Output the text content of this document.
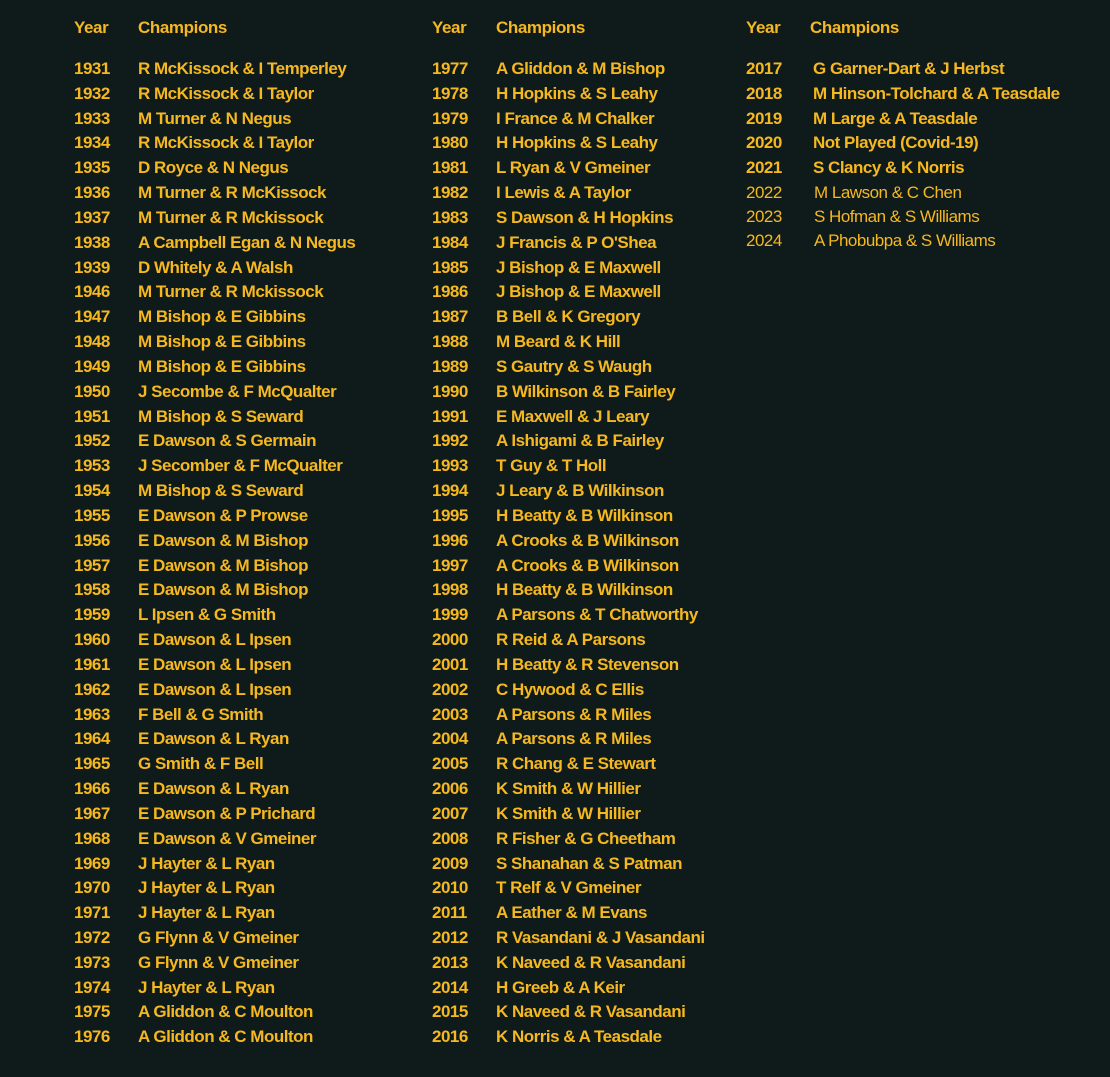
Year Champions
1931 R McKissock & I Temperley
1932 R McKissock & I Taylor
1933 M Turner & N Negus
1934 R McKissock & I Taylor
1935 D Royce & N Negus
1936 M Turner & R McKissock
1937 M Turner & R Mckissock
1938 A Campbell Egan & N Negus
1939 D Whitely & A Walsh
1946 M Turner & R Mckissock
1947 M Bishop & E Gibbins
1948 M Bishop & E Gibbins
1949 M Bishop & E Gibbins
1950 J Secombe & F McQualter
1951 M Bishop & S Seward
1952 E Dawson & S Germain
1953 J Secomber & F McQualter
1954 M Bishop & S Seward
1955 E Dawson & P Prowse
1956 E Dawson & M Bishop
1957 E Dawson & M Bishop
1958 E Dawson & M Bishop
1959 L Ipsen & G Smith
1960 E Dawson & L Ipsen
1961 E Dawson & L Ipsen
1962 E Dawson & L Ipsen
1963 F Bell & G Smith
1964 E Dawson & L Ryan
1965 G Smith & F Bell
1966 E Dawson & L Ryan
1967 E Dawson & P Prichard
1968 E Dawson & V Gmeiner
1969 J Hayter & L Ryan
1970 J Hayter & L Ryan
1971 J Hayter & L Ryan
1972 G Flynn & V Gmeiner
1973 G Flynn & V Gmeiner
1974 J Hayter & L Ryan
1975 A Gliddon & C Moulton
1976 A Gliddon & C Moulton
Year Champions
1977 A Gliddon & M Bishop
1978 H Hopkins & S Leahy
1979 I France & M Chalker
1980 H Hopkins & S Leahy
1981 L Ryan & V Gmeiner
1982 I Lewis & A Taylor
1983 S Dawson & H Hopkins
1984 J Francis & P O'Shea
1985 J Bishop & E Maxwell
1986 J Bishop & E Maxwell
1987 B Bell & K Gregory
1988 M Beard & K Hill
1989 S Gautry & S Waugh
1990 B Wilkinson & B Fairley
1991 E Maxwell & J Leary
1992 A Ishigami & B Fairley
1993 T Guy & T Holl
1994 J Leary & B Wilkinson
1995 H Beatty & B Wilkinson
1996 A Crooks & B Wilkinson
1997 A Crooks & B Wilkinson
1998 H Beatty & B Wilkinson
1999 A Parsons & T Chatworthy
2000 R Reid & A Parsons
2001 H Beatty & R Stevenson
2002 C Hywood & C Ellis
2003 A Parsons & R Miles
2004 A Parsons & R Miles
2005 R Chang & E Stewart
2006 K Smith & W Hillier
2007 K Smith & W Hillier
2008 R Fisher & G Cheetham
2009 S Shanahan & S Patman
2010 T Relf & V Gmeiner
2011 A Eather & M Evans
2012 R Vasandani & J Vasandani
2013 K Naveed & R Vasandani
2014 H Greeb & A Keir
2015 K Naveed & R Vasandani
2016 K Norris & A Teasdale
Year Champions
2017 G Garner-Dart & J Herbst
2018 M Hinson-Tolchard & A Teasdale
2019 M Large & A Teasdale
2020 Not Played (Covid-19)
2021 S Clancy & K Norris
2022 M Lawson & C Chen
2023 S Hofman & S Williams
2024 A Phobubpa & S Williams
